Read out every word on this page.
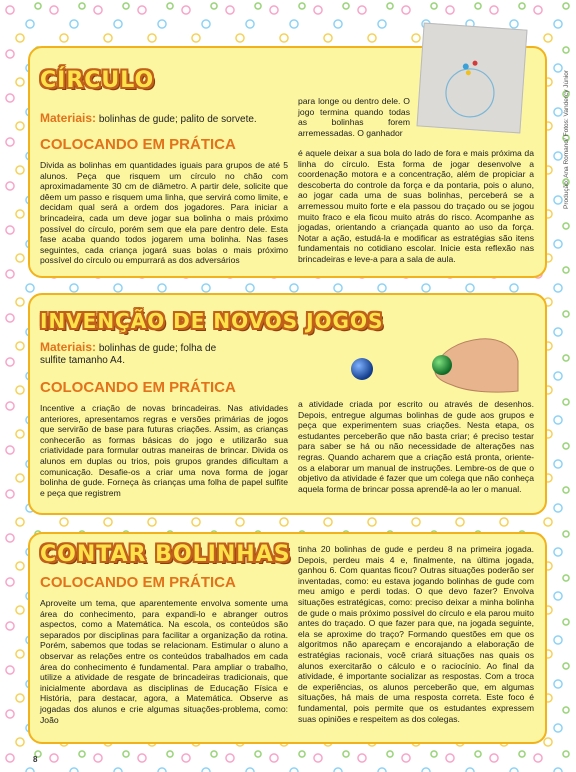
CÍRCULO
Materiais: bolinhas de gude; palito de sorvete.
COLOCANDO EM PRÁTICA
Divida as bolinhas em quantidades iguais para grupos de até 5 alunos. Peça que risquem um círculo no chão com aproximadamente 30 cm de diâmetro. A partir dele, solicite que dêem um passo e risquem uma linha, que servirá como limite, e decidam qual será a ordem dos jogadores. Para iniciar a brincadeira, cada um deve jogar sua bolinha o mais próximo possível do círculo, porém sem que ela pare dentro dele. Esta fase acaba quando todos jogarem uma bolinha. Nas fases seguintes, cada criança jogará suas bolas o mais próximo possível do círculo ou empurrará as dos adversários
para longe ou dentro dele. O jogo termina quando todas as bolinhas forem arremessadas. O ganhador
é aquele deixar a sua bola do lado de fora e mais próxima da linha do círculo. Esta forma de jogar desenvolve a coordenação motora e a concentração, além de propiciar a descoberta do controle da força e da pontaria, pois o aluno, ao jogar cada uma de suas bolinhas, perceberá se a arremessou muito forte e ela passou do traçado ou se jogou muito fraco e ela ficou muito atrás do risco. Acompanhe as jogadas, orientando a criançada quanto ao uso da força. Notar a ação, estudá-la e modificar as estratégias são itens fundamentais no cotidiano escolar. Inicie esta reflexão nas brincadeiras e leve-a para a sala de aula.
Produção: Ana Romano/ Fotos: Vandercy Júnior
INVENÇÃO DE NOVOS JOGOS
Materiais: bolinhas de gude; folha de sulfite tamanho A4.
COLOCANDO EM PRÁTICA
Incentive a criação de novas brincadeiras. Nas atividades anteriores, apresentamos regras e versões primárias de jogos que servirão de base para futuras criações. Assim, as crianças conhecerão as formas básicas do jogo e utilizarão sua criatividade para formular outras maneiras de brincar. Divida os alunos em duplas ou trios, pois grupos grandes dificultam a comunicação. Desafie-os a criar uma nova forma de jogar bolinha de gude. Forneça às crianças uma folha de papel sulfite e peça que registrem
a atividade criada por escrito ou através de desenhos. Depois, entregue algumas bolinhas de gude aos grupos e peça que experimentem suas criações. Nesta etapa, os estudantes perceberão que não basta criar; é preciso testar para saber se há ou não necessidade de alterações nas regras. Quando acharem que a criação está pronta, oriente-os a elaborar um manual de instruções. Lembre-os de que o objetivo da atividade é fazer que um colega que não conheça aquela forma de brincar possa aprendê-la ao ler o manual.
CONTAR BOLINHAS
COLOCANDO EM PRÁTICA
Aproveite um tema, que aparentemente envolva somente uma área do conhecimento, para expandi-lo e abranger outros aspectos, como a Matemática. Na escola, os conteúdos são separados por disciplinas para facilitar a organização da rotina. Porém, sabemos que todas se relacionam. Estimular o aluno a observar as relações entre os conteúdos trabalhados em cada área do conhecimento é fundamental. Para ampliar o trabalho, utilize a atividade de resgate de brincadeiras tradicionais, que inicialmente abordava as disciplinas de Educação Física e História, para destacar, agora, a Matemática. Observe as jogadas dos alunos e crie algumas situações-problema, como: João
tinha 20 bolinhas de gude e perdeu 8 na primeira jogada. Depois, perdeu mais 4 e, finalmente, na última jogada, ganhou 6. Com quantas ficou? Outras situações poderão ser inventadas, como: eu estava jogando bolinhas de gude com meu amigo e perdi todas. O que devo fazer? Envolva situações estratégicas, como: preciso deixar a minha bolinha de gude o mais próximo possível do círculo e ela parou muito antes do traçado. O que fazer para que, na jogada seguinte, ela se aproxime do traço? Formando questões em que os algoritmos não apareçam e encorajando a elaboração de estratégias racionais, você criará situações nas quais os alunos exercitarão o cálculo e o raciocínio. Ao final da atividade, é importante socializar as respostas. Com a troca de experiências, os alunos perceberão que, em algumas situações, há mais de uma resposta correta. Este foco é fundamental, pois permite que os estudantes expressem suas opiniões e respeitem as dos colegas.
8
